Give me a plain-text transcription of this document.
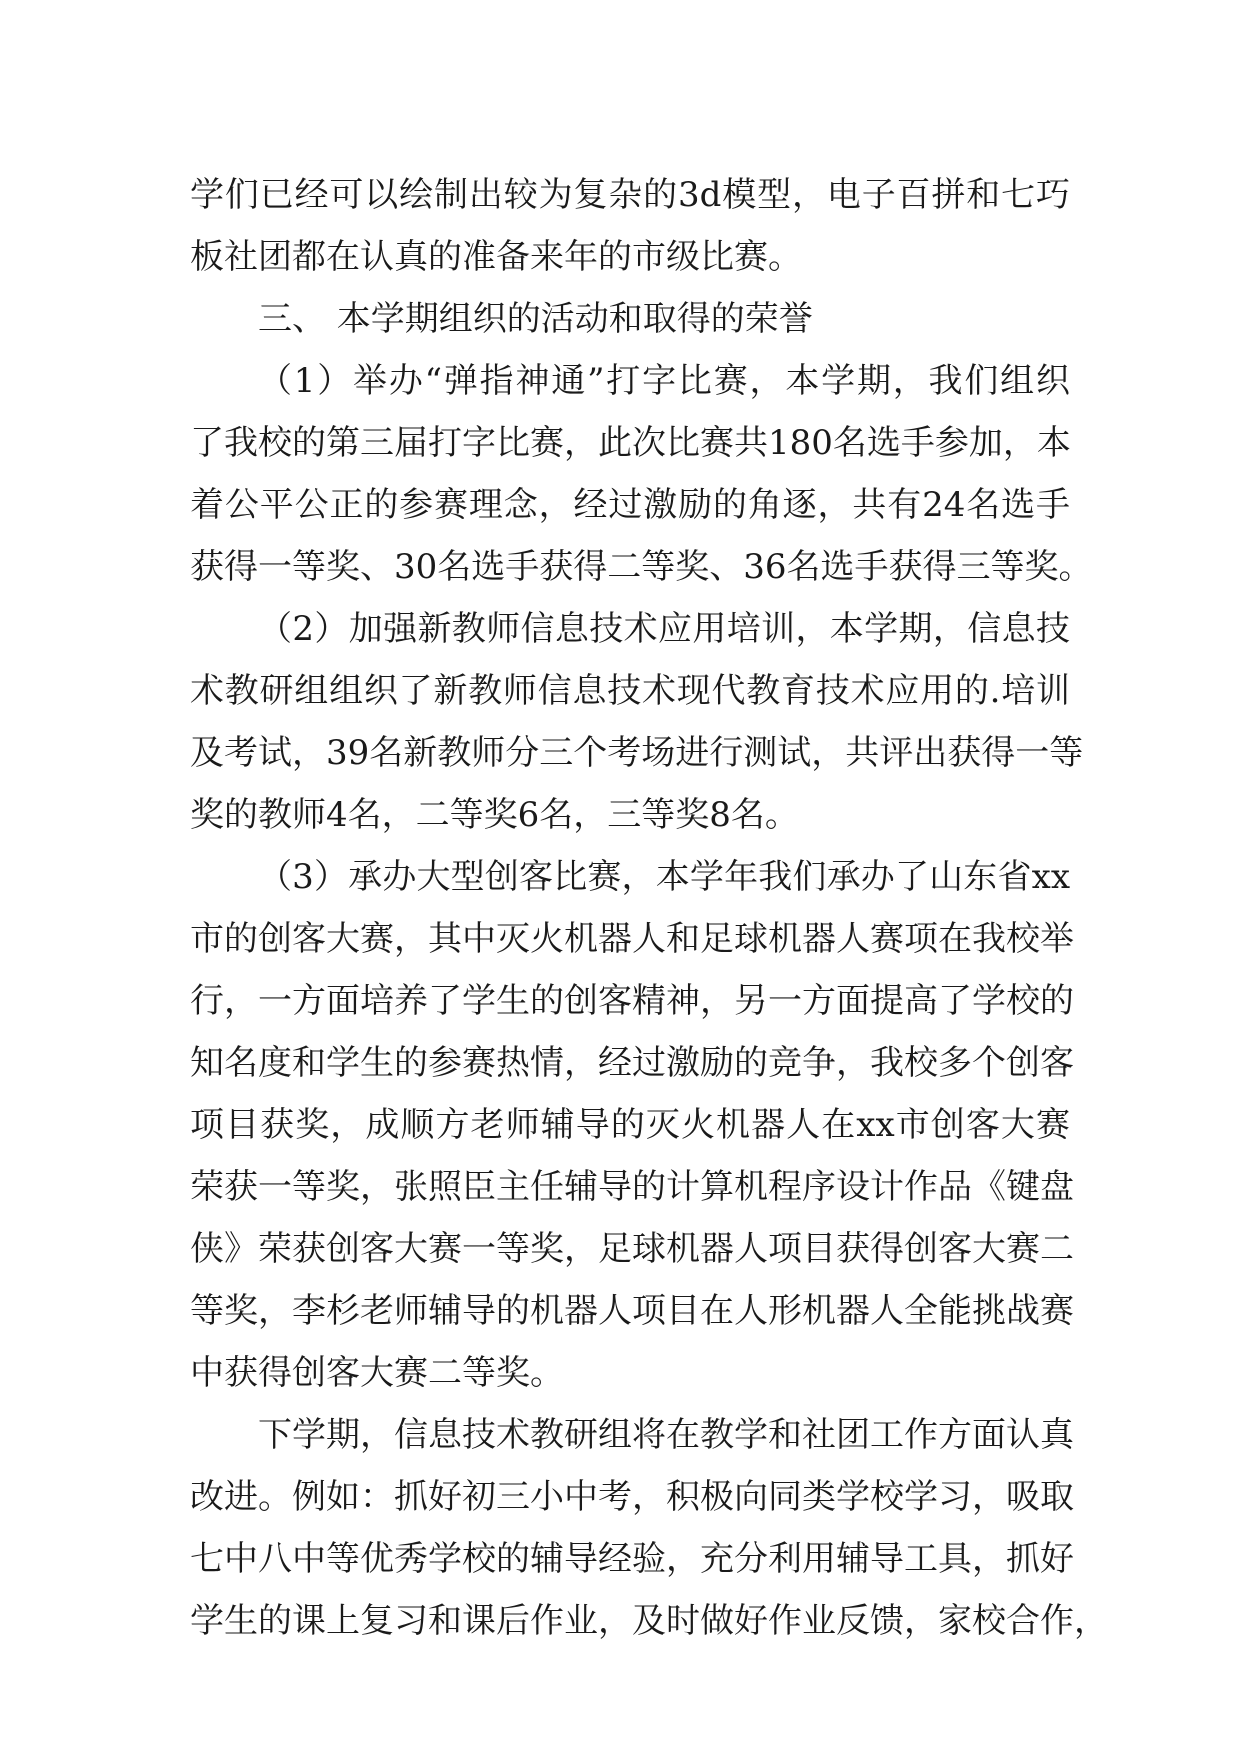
学们已经可以绘制出较为复杂的3d模型，电子百拼和七巧
板社团都在认真的准备来年的市级比赛。
三、 本学期组织的活动和取得的荣誉
（1）举办“弹指神通”打字比赛，本学期，我们组织
了我校的第三届打字比赛，此次比赛共180名选手参加，本
着公平公正的参赛理念，经过激励的角逐，共有24名选手
获得一等奖、30名选手获得二等奖、36名选手获得三等奖。
（2）加强新教师信息技术应用培训，本学期，信息技
术教研组组织了新教师信息技术现代教育技术应用的.培训
及考试，39名新教师分三个考场进行测试，共评出获得一等
奖的教师4名，二等奖6名，三等奖8名。
（3）承办大型创客比赛，本学年我们承办了山东省xx
市的创客大赛，其中灭火机器人和足球机器人赛项在我校举
行，一方面培养了学生的创客精神，另一方面提高了学校的
知名度和学生的参赛热情，经过激励的竞争，我校多个创客
项目获奖，成顺方老师辅导的灭火机器人在xx市创客大赛
荣获一等奖，张照臣主任辅导的计算机程序设计作品《键盘
侠》荣获创客大赛一等奖，足球机器人项目获得创客大赛二
等奖，李杉老师辅导的机器人项目在人形机器人全能挑战赛
中获得创客大赛二等奖。
下学期，信息技术教研组将在教学和社团工作方面认真
改进。例如：抓好初三小中考，积极向同类学校学习，吸取
七中八中等优秀学校的辅导经验，充分利用辅导工具，抓好
学生的课上复习和课后作业，及时做好作业反馈，家校合作，
